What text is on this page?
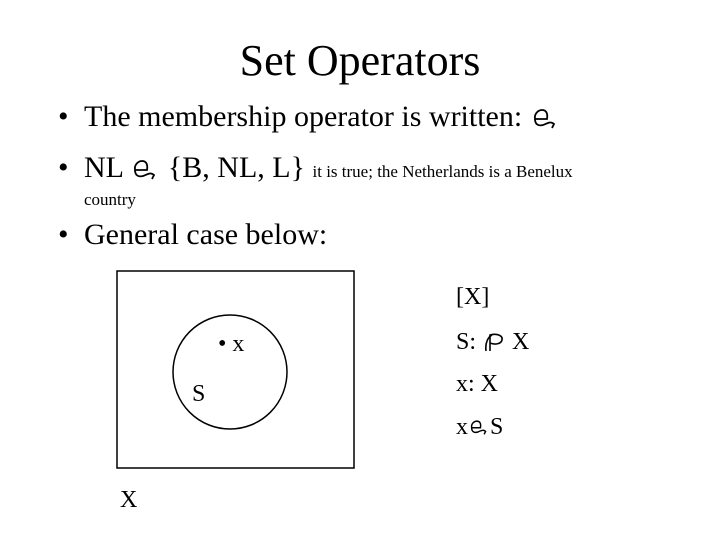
Set Operators
• The membership operator is written:
• NL {B, NL, L} it is true; the Netherlands is a Benelux
country
• General case below:
• x
S
X
[X]
S: X
x: X
x S
